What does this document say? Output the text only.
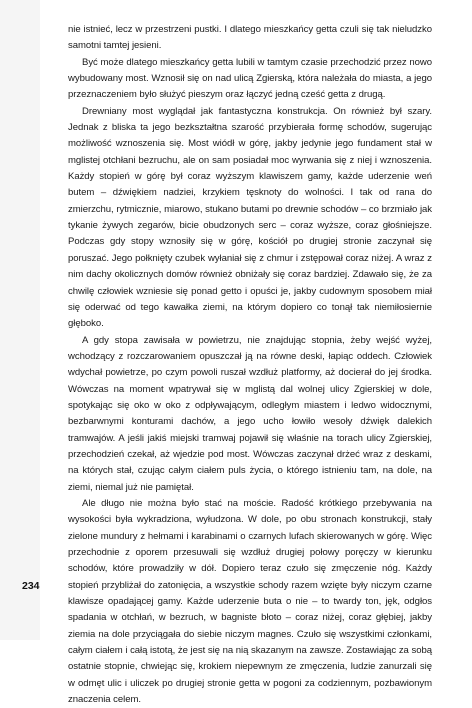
nie istnieć, lecz w przestrzeni pustki. I dlatego mieszkańcy getta czuli się tak nieludzko samotni tamtej jesieni.

Być może dlatego mieszkańcy getta lubili w tamtym czasie przechodzić przez nowo wybudowany most. Wznosił się on nad ulicą Zgierską, która należała do miasta, a jego przeznaczeniem było służyć pieszym oraz łączyć jedną cześć getta z drugą.

Drewniany most wyglądał jak fantastyczna konstrukcja. On również był szary. Jednak z bliska ta jego bezkształtna szarość przybierała formę schodów, sugerując możliwość wznoszenia się. Most wiódł w górę, jakby jedynie jego fundament stał w mglistej otchłani bezruchu, ale on sam posiadał moc wyrwania się z niej i wznoszenia. Każdy stopień w górę był coraz wyższym klawiszem gamy, każde uderzenie weń butem – dźwiękiem nadziei, krzykiem tęsknoty do wolności. I tak od rana do zmierzchu, rytmicznie, miarowo, stukano butami po drewnie schodów – co brzmiało jak tykanie żywych zegarów, bicie obudzonych serc – coraz wyższe, coraz głośniejsze. Podczas gdy stopy wznosiły się w górę, kościół po drugiej stronie zaczynał się poruszać. Jego połknięty czubek wyłaniał się z chmur i zstępował coraz niżej. A wraz z nim dachy okolicznych domów również obniżały się coraz bardziej. Zdawało się, że za chwilę człowiek wzniesie się ponad getto i opuści je, jakby cudownym sposobem miał się oderwać od tego kawałka ziemi, na którym dopiero co tonął tak niemiłosiernie głęboko.

A gdy stopa zawisała w powietrzu, nie znajdując stopnia, żeby wejść wyżej, wchodzący z rozczarowaniem opuszczał ją na równe deski, łapiąc oddech. Człowiek wdychał powietrze, po czym powoli ruszał wzdłuż platformy, aż docierał do jej środka. Wówczas na moment wpatrywał się w mglistą dal wolnej ulicy Zgierskiej w dole, spotykając się oko w oko z odpływającym, odległym miastem i ledwo widocznymi, bezbarwnymi konturami dachów, a jego ucho łowiło wesoły dźwięk dalekich tramwajów. A jeśli jakiś miejski tramwaj pojawił się właśnie na torach ulicy Zgierskiej, przechodzień czekał, aż wjedzie pod most. Wówczas zaczynał drżeć wraz z deskami, na których stał, czując całym ciałem puls życia, o którego istnieniu tam, na dole, na ziemi, niemal już nie pamiętał.

Ale długo nie można było stać na moście. Radość krótkiego przebywania na wysokości była wykradziona, wyłudzona. W dole, po obu stronach konstrukcji, stały zielone mundury z hełmami i karabinami o czarnych lufach skierowanych w górę. Więc przechodnie z oporem przesuwali się wzdłuż drugiej połowy poręczy w kierunku schodów, które prowadziły w dół. Dopiero teraz czuło się zmęczenie nóg. Każdy stopień przybliżał do zatonięcia, a wszystkie schody razem wzięte były niczym czarne klawisze opadającej gamy. Każde uderzenie buta o nie – to twardy ton, jęk, odgłos spadania w otchłań, w bezruch, w bagniste błoto – coraz niżej, coraz głębiej, jakby ziemia na dole przyciągała do siebie niczym magnes. Czuło się wszystkimi członkami, całym ciałem i całą istotą, że jest się na nią skazanym na zawsze. Zostawiając za sobą ostatnie stopnie, chwiejąc się, krokiem niepewnym ze zmęczenia, ludzie zanurzali się w odmęt ulic i uliczek po drugiej stronie getta w pogoni za codziennym, pozbawionym znaczenia celem.

234
